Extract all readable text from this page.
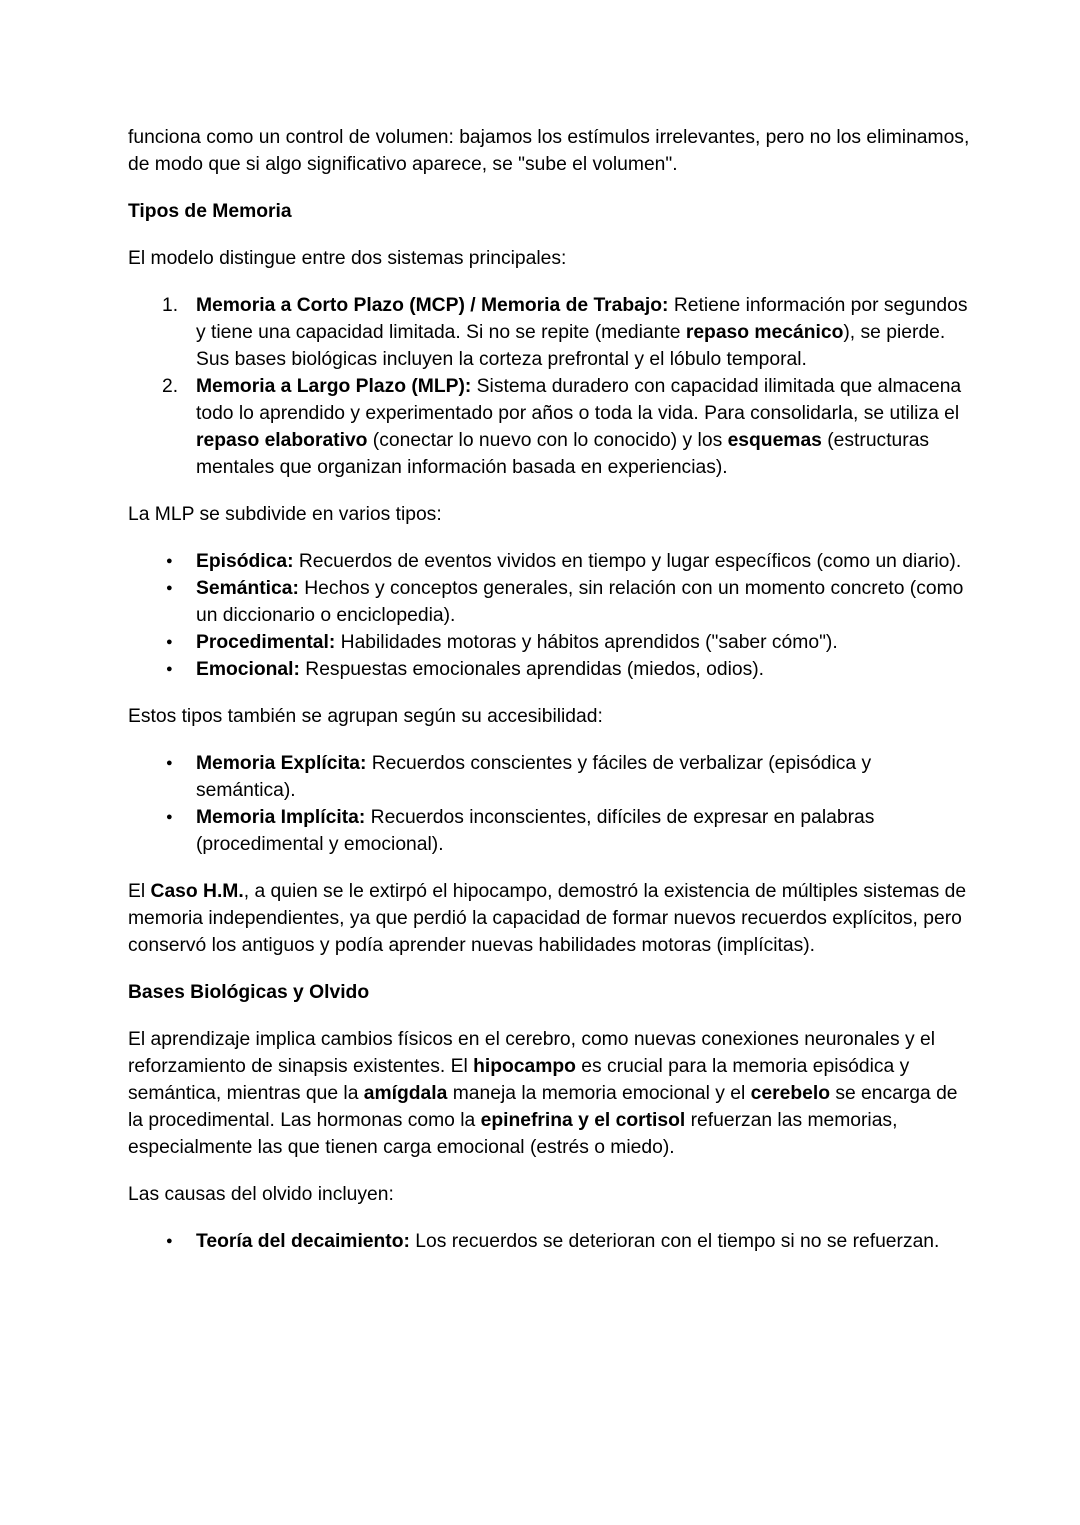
funciona como un control de volumen: bajamos los estímulos irrelevantes, pero no los eliminamos, de modo que si algo significativo aparece, se "sube el volumen".
Tipos de Memoria
El modelo distingue entre dos sistemas principales:
Memoria a Corto Plazo (MCP) / Memoria de Trabajo: Retiene información por segundos y tiene una capacidad limitada. Si no se repite (mediante repaso mecánico), se pierde. Sus bases biológicas incluyen la corteza prefrontal y el lóbulo temporal.
Memoria a Largo Plazo (MLP): Sistema duradero con capacidad ilimitada que almacena todo lo aprendido y experimentado por años o toda la vida. Para consolidarla, se utiliza el repaso elaborativo (conectar lo nuevo con lo conocido) y los esquemas (estructuras mentales que organizan información basada en experiencias).
La MLP se subdivide en varios tipos:
● Episódica: Recuerdos de eventos vividos en tiempo y lugar específicos (como un diario).
● Semántica: Hechos y conceptos generales, sin relación con un momento concreto (como un diccionario o enciclopedia).
● Procedimental: Habilidades motoras y hábitos aprendidos ("saber cómo").
● Emocional: Respuestas emocionales aprendidas (miedos, odios).
Estos tipos también se agrupan según su accesibilidad:
● Memoria Explícita: Recuerdos conscientes y fáciles de verbalizar (episódica y semántica).
● Memoria Implícita: Recuerdos inconscientes, difíciles de expresar en palabras (procedimental y emocional).
El Caso H.M., a quien se le extirpó el hipocampo, demostró la existencia de múltiples sistemas de memoria independientes, ya que perdió la capacidad de formar nuevos recuerdos explícitos, pero conservó los antiguos y podía aprender nuevas habilidades motoras (implícitas).
Bases Biológicas y Olvido
El aprendizaje implica cambios físicos en el cerebro, como nuevas conexiones neuronales y el reforzamiento de sinapsis existentes. El hipocampo es crucial para la memoria episódica y semántica, mientras que la amígdala maneja la memoria emocional y el cerebelo se encarga de la procedimental. Las hormonas como la epinefrina y el cortisol refuerzan las memorias, especialmente las que tienen carga emocional (estrés o miedo).
Las causas del olvido incluyen:
● Teoría del decaimiento: Los recuerdos se deterioran con el tiempo si no se refuerzan.
